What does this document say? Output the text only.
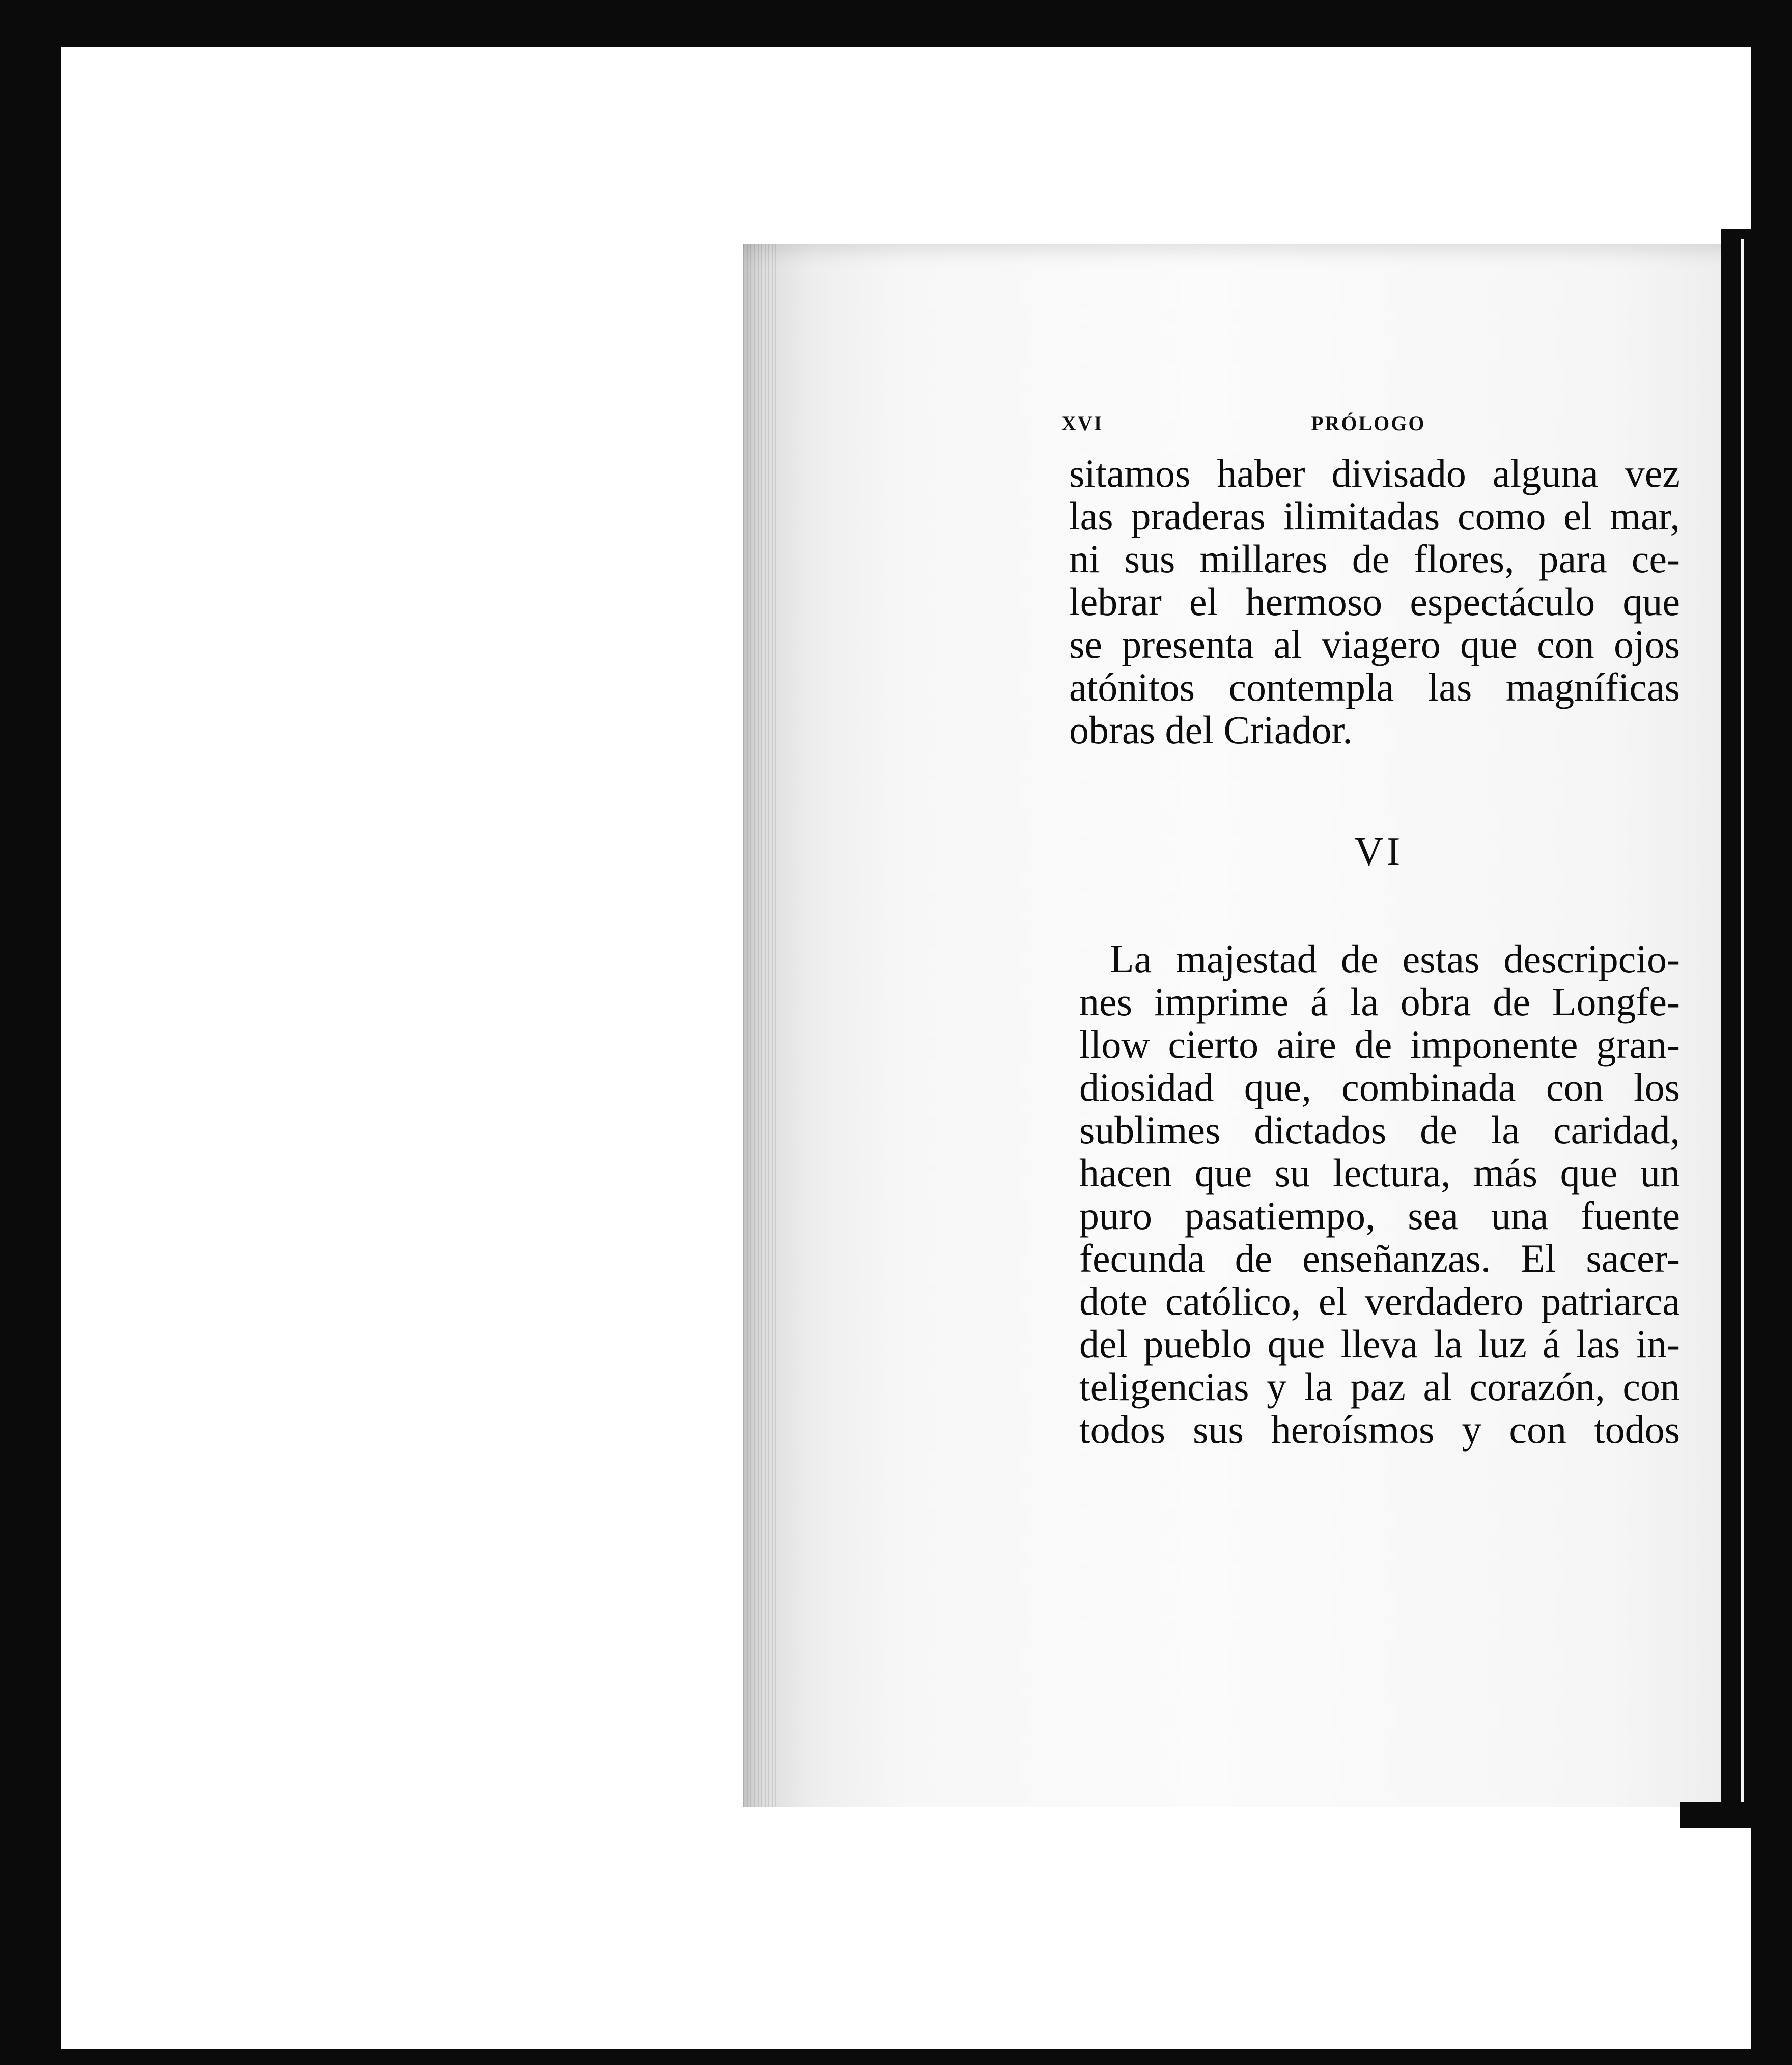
XVI	PRÓLOGO
sitamos haber divisado alguna vez
las praderas ilimitadas como el mar,
ni sus millares de flores, para ce-
lebrar el hermoso espectáculo que
se presenta al viagero que con ojos
atónitos contempla las magníficas
obras del Criador.
VI
La majestad de estas descripcio-
nes imprime á la obra de Longfe-
llow cierto aire de imponente gran-
diosidad que, combinada con los
sublimes dictados de la caridad,
hacen que su lectura, más que un
puro pasatiempo, sea una fuente
fecunda de enseñanzas. El sacer-
dote católico, el verdadero patriarca
del pueblo que lleva la luz á las in-
teligencias y la paz al corazón, con
todos sus heroísmos y con todos
